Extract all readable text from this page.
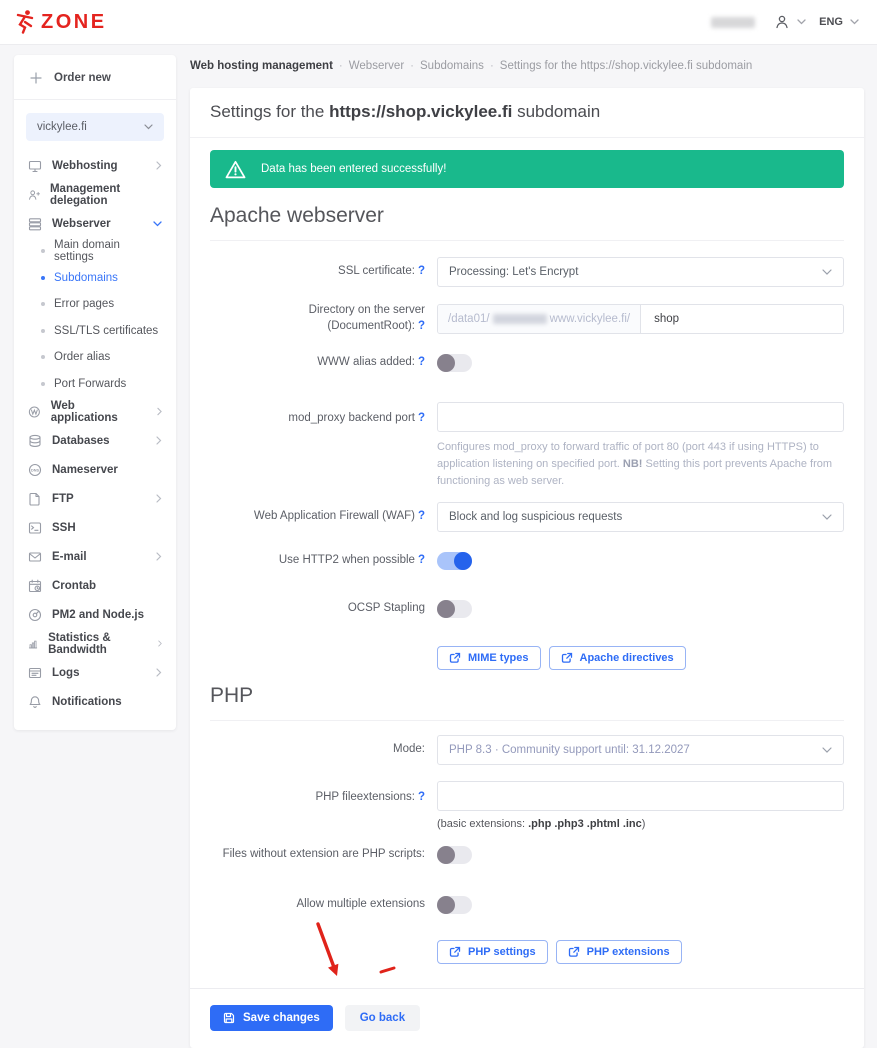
ZONE	ENG
Web hosting management · Webserver · Subdomains · Settings for the https://shop.vickylee.fi subdomain
Order new
vickylee.fi
Webhosting
Management delegation
Webserver
Main domain settings
Subdomains
Error pages
SSL/TLS certificates
Order alias
Port Forwards
Web applications
Databases
DNS Nameserver
FTP
SSH
E-mail
Crontab
PM2 and Node.js
Statistics & Bandwidth
Logs
Notifications
Settings for the https://shop.vickylee.fi subdomain
Data has been entered successfully!
Apache webserver
SSL certificate: ?	Processing: Let's Encrypt
Directory on the server (DocumentRoot): ?
/data01/	www.vickylee.fi/
shop
WWW alias added: ?
mod_proxy backend port ?
Configures mod_proxy to forward traffic of port 80 (port 443 if using HTTPS) to application listening on specified port. NB! Setting this port prevents Apache from functioning as web server.
Web Application Firewall (WAF) ?	Block and log suspicious requests
Use HTTP2 when possible ?
OCSP Stapling
MIME types	Apache directives
PHP
Mode:	PHP 8.3 · Community support until: 31.12.2027
PHP fileextensions: ?
(basic extensions: .php .php3 .phtml .inc)
Files without extension are PHP scripts:
Allow multiple extensions
PHP settings	PHP extensions
Save changes	Go back
